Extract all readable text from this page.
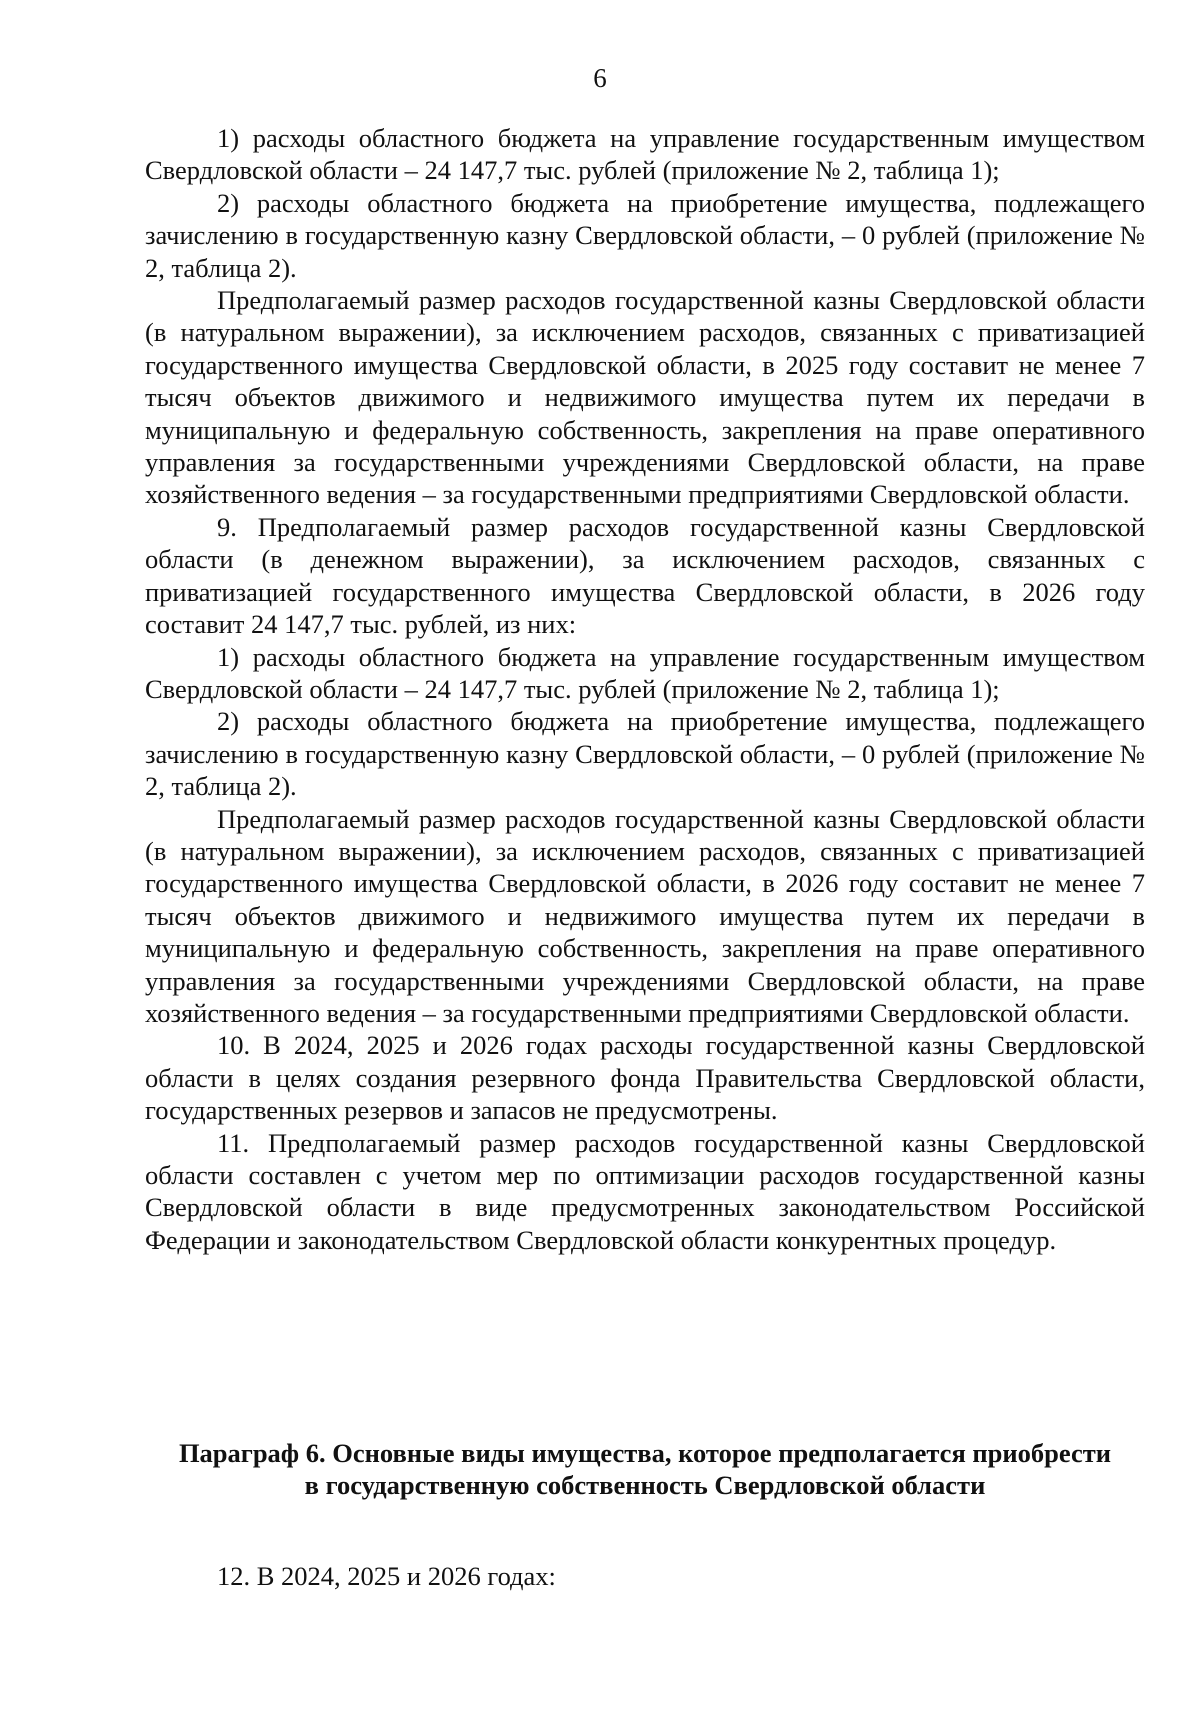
6

1) расходы областного бюджета на управление государственным имуществом Свердловской области – 24 147,7 тыс. рублей (приложение № 2, таблица 1);

2) расходы областного бюджета на приобретение имущества, подлежащего зачислению в государственную казну Свердловской области, – 0 рублей (приложение № 2, таблица 2).

Предполагаемый размер расходов государственной казны Свердловской области (в натуральном выражении), за исключением расходов, связанных с приватизацией государственного имущества Свердловской области, в 2025 году составит не менее 7 тысяч объектов движимого и недвижимого имущества путем их передачи в муниципальную и федеральную собственность, закрепления на праве оперативного управления за государственными учреждениями Свердловской области, на праве хозяйственного ведения – за государственными предприятиями Свердловской области.

9. Предполагаемый размер расходов государственной казны Свердловской области (в денежном выражении), за исключением расходов, связанных с приватизацией государственного имущества Свердловской области, в 2026 году составит 24 147,7 тыс. рублей, из них:

1) расходы областного бюджета на управление государственным имуществом Свердловской области – 24 147,7 тыс. рублей (приложение № 2, таблица 1);

2) расходы областного бюджета на приобретение имущества, подлежащего зачислению в государственную казну Свердловской области, – 0 рублей (приложение № 2, таблица 2).

Предполагаемый размер расходов государственной казны Свердловской области (в натуральном выражении), за исключением расходов, связанных с приватизацией государственного имущества Свердловской области, в 2026 году составит не менее 7 тысяч объектов движимого и недвижимого имущества путем их передачи в муниципальную и федеральную собственность, закрепления на праве оперативного управления за государственными учреждениями Свердловской области, на праве хозяйственного ведения – за государственными предприятиями Свердловской области.

10. В 2024, 2025 и 2026 годах расходы государственной казны Свердловской области в целях создания резервного фонда Правительства Свердловской области, государственных резервов и запасов не предусмотрены.

11. Предполагаемый размер расходов государственной казны Свердловской области составлен с учетом мер по оптимизации расходов государственной казны Свердловской области в виде предусмотренных законодательством Российской Федерации и законодательством Свердловской области конкурентных процедур.

Параграф 6. Основные виды имущества, которое предполагается приобрести
в государственную собственность Свердловской области
12. В 2024, 2025 и 2026 годах:
